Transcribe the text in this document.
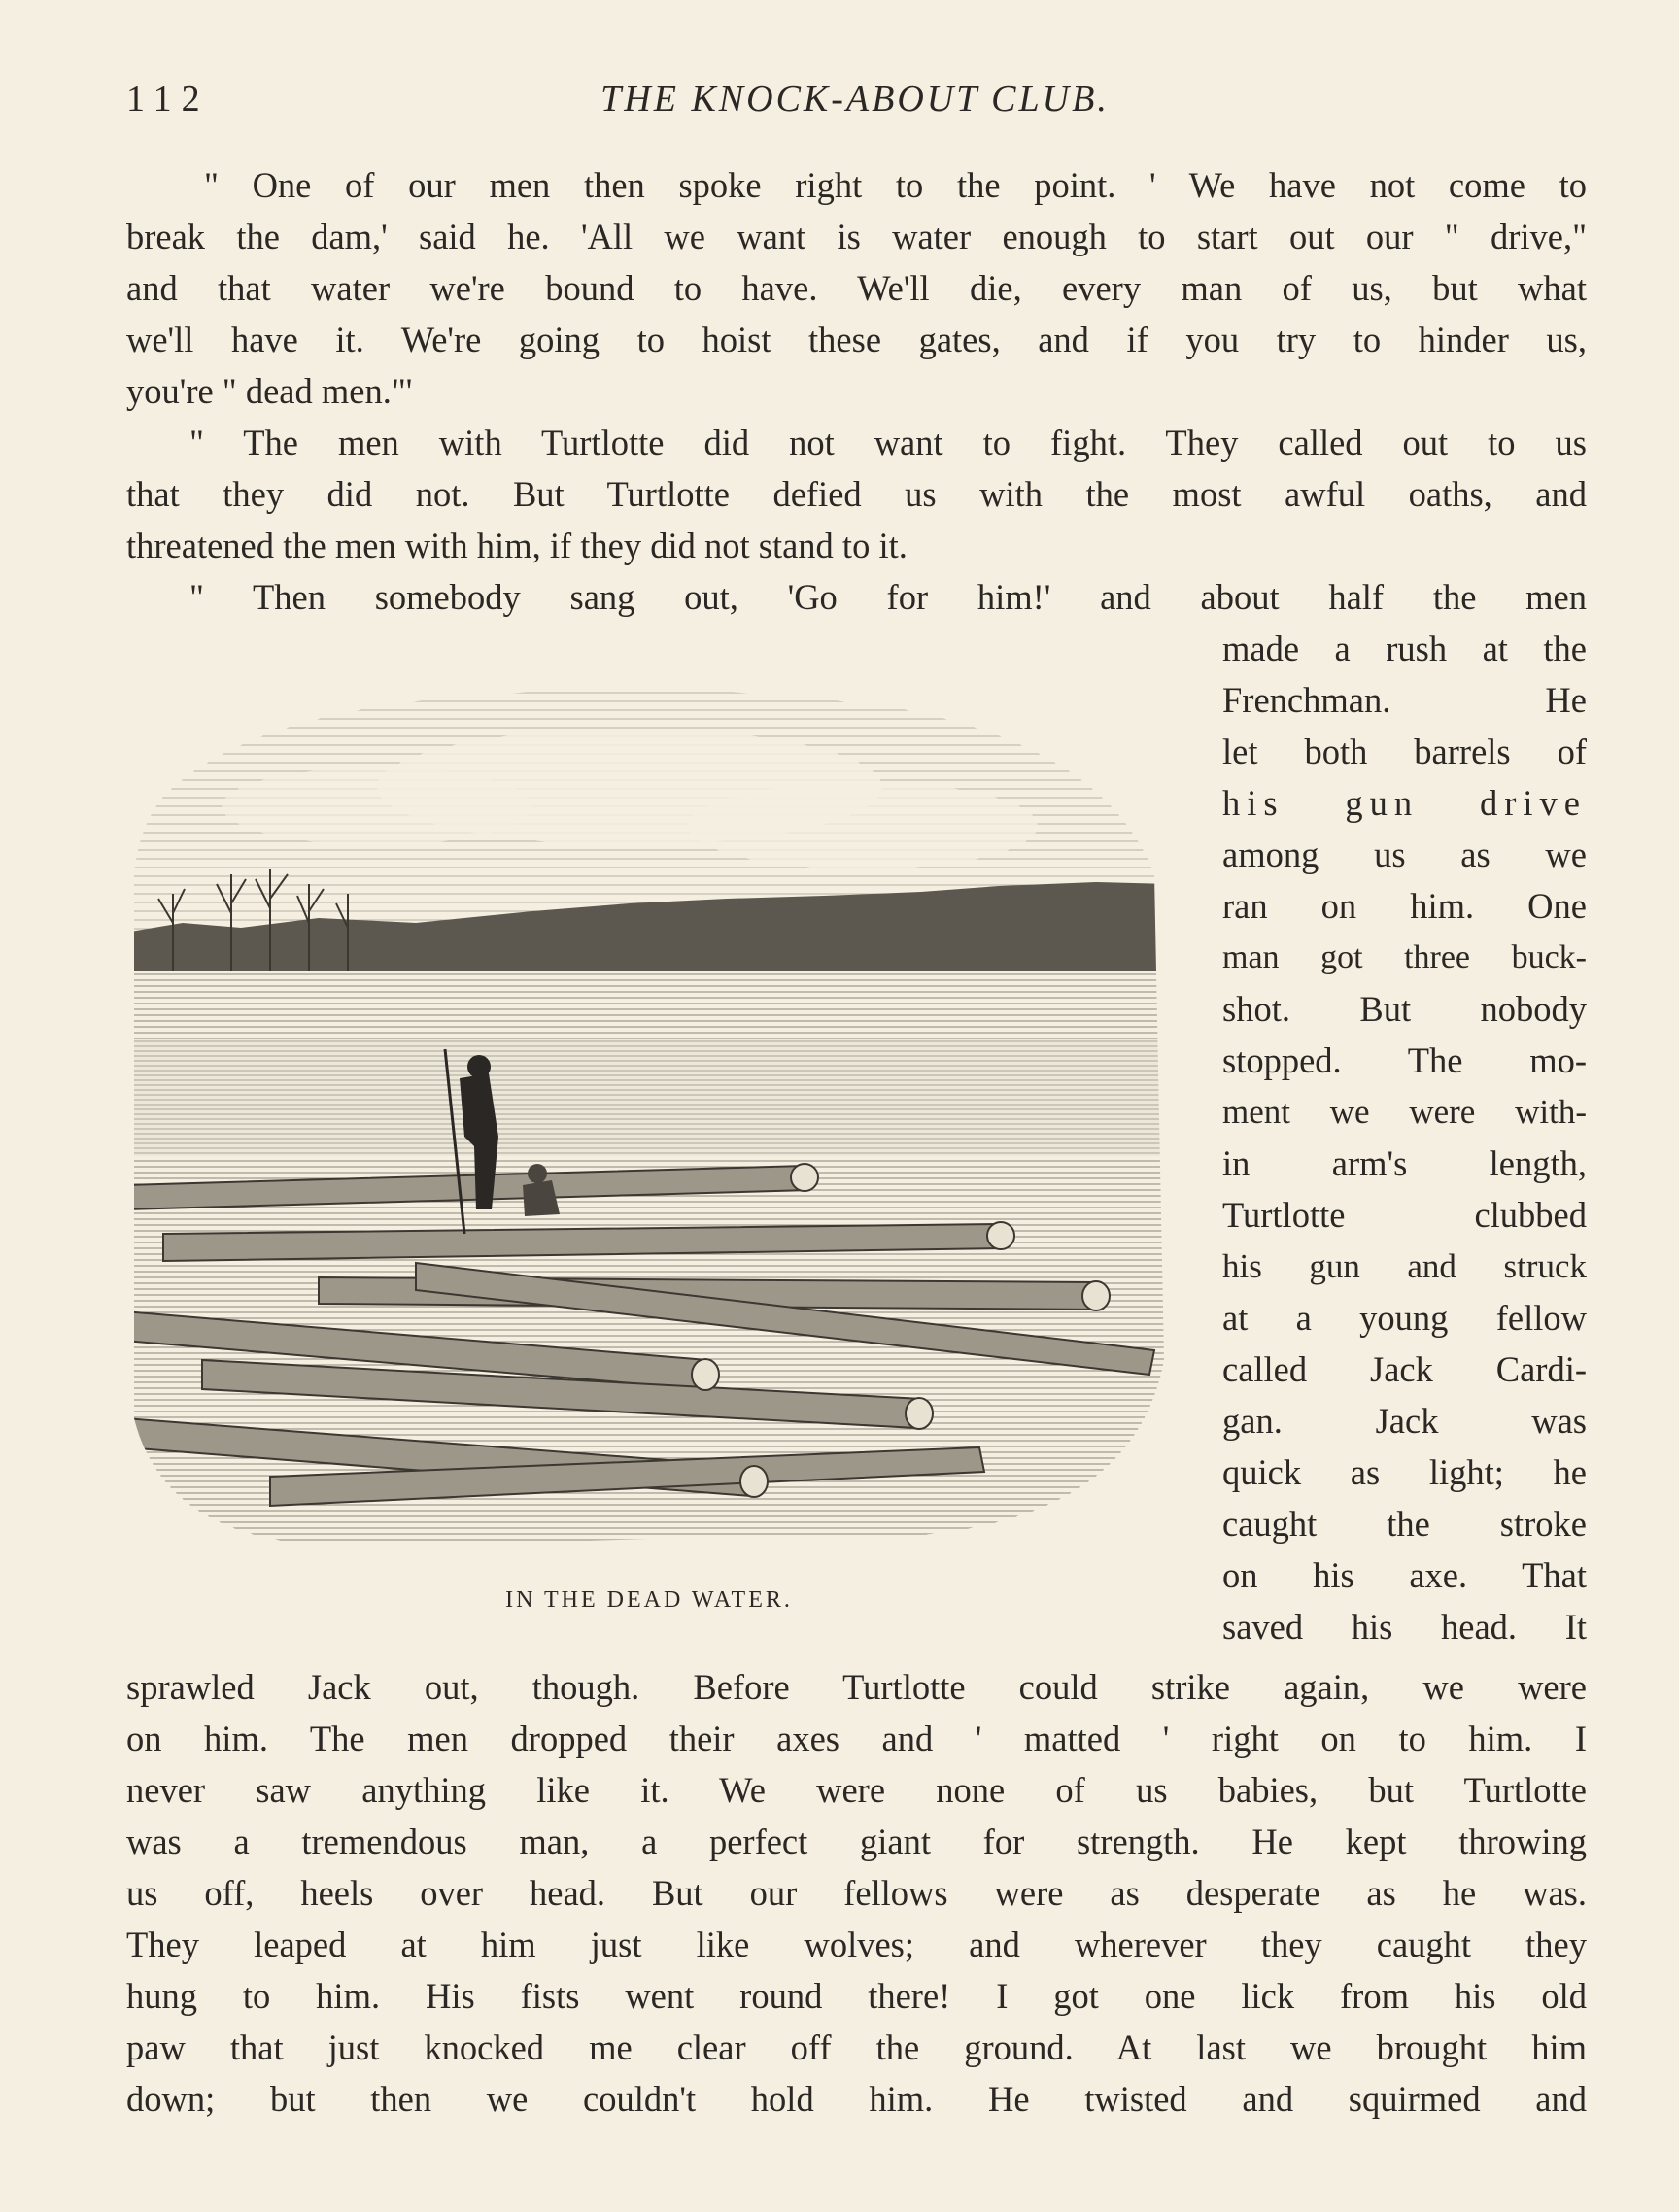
112	THE KNOCK-ABOUT CLUB.
" One of our men then spoke right to the point. ' We have not come to
break the dam,' said he. 'All we want is water enough to start out our " drive,"
and that water we're bound to have. We'll die, every man of us, but what
we'll have it. We're going to hoist these gates, and if you try to hinder us,
you're " dead men."'
" The men with Turtlotte did not want to fight. They called out to us
that they did not. But Turtlotte defied us with the most awful oaths, and
threatened the men with him, if they did not stand to it.
" Then somebody sang out, 'Go for him!' and about half the men
IN THE DEAD WATER.
made a rush at the
Frenchman. He
let both barrels of
his gun drive
among us as we
ran on him. One
man got three buck-
shot. But nobody
stopped. The mo-
ment we were with-
in arm's length,
Turtlotte clubbed
his gun and struck
at a young fellow
called Jack Cardi-
gan. Jack was
quick as light; he
caught the stroke
on his axe. That
saved his head. It
sprawled Jack out, though. Before Turtlotte could strike again, we were
on him. The men dropped their axes and ' matted ' right on to him. I
never saw anything like it. We were none of us babies, but Turtlotte
was a tremendous man, a perfect giant for strength. He kept throwing
us off, heels over head. But our fellows were as desperate as he was.
They leaped at him just like wolves; and wherever they caught they
hung to him. His fists went round there! I got one lick from his old
paw that just knocked me clear off the ground. At last we brought him
down; but then we couldn't hold him. He twisted and squirmed and
